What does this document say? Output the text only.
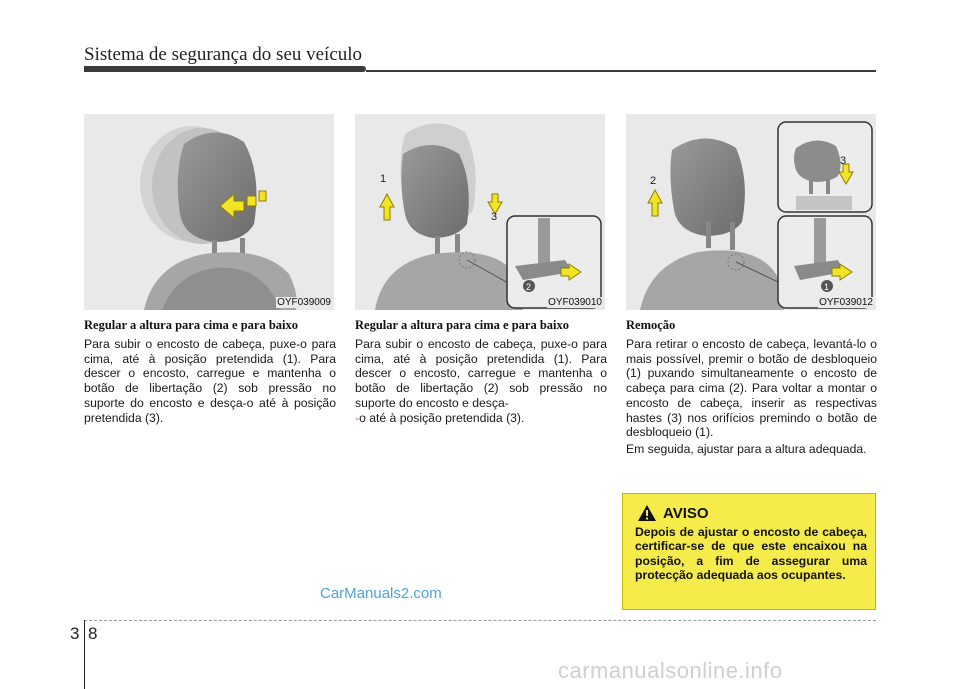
Sistema de segurança do seu veículo
OYF039009
1
3
2
OYF039010
2
3
1
OYF039012
Regular a altura para cima e para baixo

Para subir o encosto de cabeça, puxe-o para cima, até à posição pretendida (1). Para descer o encosto, carregue e mantenha o botão de libertação (2) sob pressão no suporte do encosto e desça-o até à posição pretendida (3).

Regular a altura para cima e para baixo

Para subir o encosto de cabeça, puxe-o para cima, até à posição pretendida (1). Para descer o encosto, carregue e mantenha o botão de libertação (2) sob pressão no suporte do encosto e desça-
-o até à posição pretendida (3).

Remoção

Para retirar o encosto de cabeça, levantá-lo o mais possível, premir o botão de desbloqueio (1) puxando simultaneamente o encosto de cabeça para cima (2). Para voltar a montar o encosto de cabeça, inserir as respectivas hastes (3) nos orifícios premindo o botão de desbloqueio (1).

Em seguida, ajustar para a altura adequada.

AVISO
Depois de ajustar o encosto de cabeça, certificar-se de que este encaixou na posição, a fim de assegurar uma protecção adequada aos ocupantes.
CarManuals2.com
3 8
carmanualsonline.info
